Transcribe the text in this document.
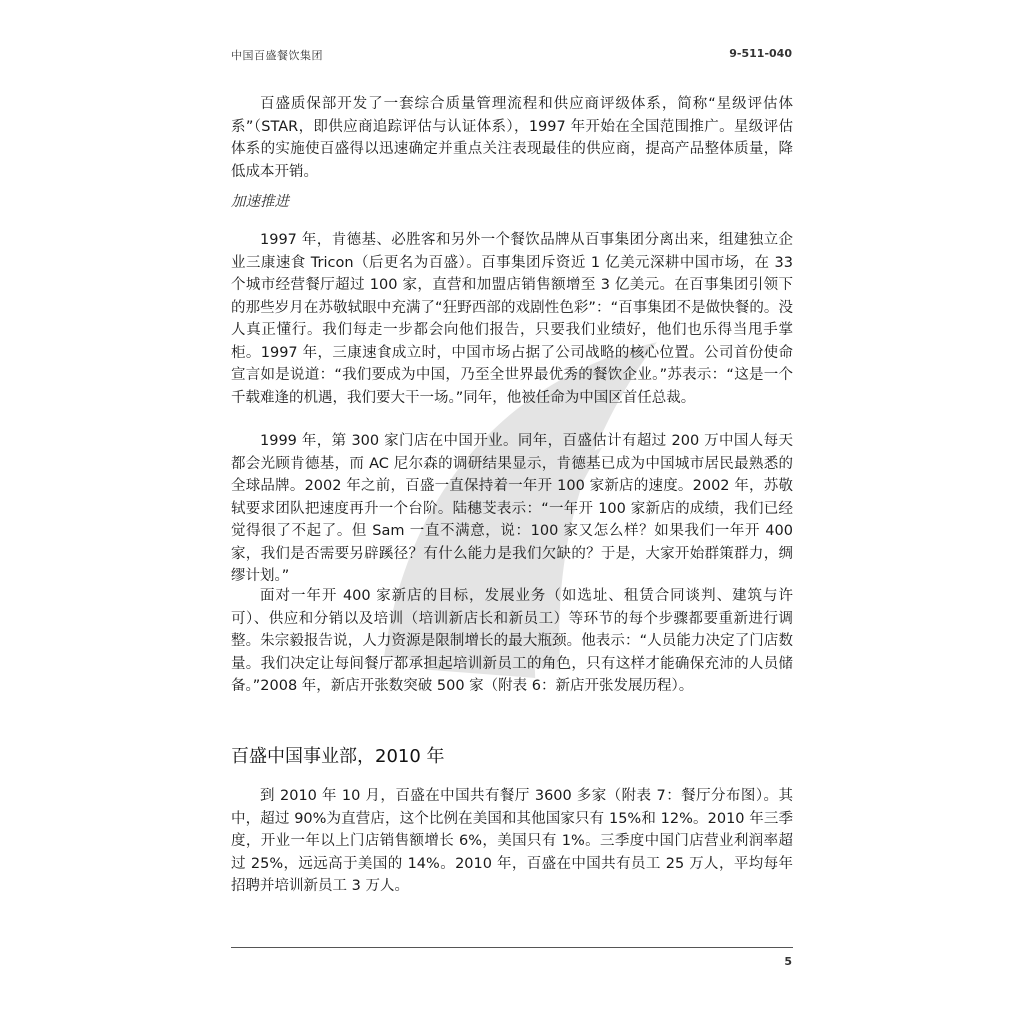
中国百盛餐饮集团	9-511-040

百盛质保部开发了一套综合质量管理流程和供应商评级体系，简称“星级评估体系”（STAR，即供应商追踪评估与认证体系），1997 年开始在全国范围推广。星级评估体系的实施使百盛得以迅速确定并重点关注表现最佳的供应商，提高产品整体质量，降低成本开销。

加速推进

1997 年，肯德基、必胜客和另外一个餐饮品牌从百事集团分离出来，组建独立企业三康速食 Tricon（后更名为百盛）。百事集团斥资近 1 亿美元深耕中国市场，在 33 个城市经营餐厅超过 100 家，直营和加盟店销售额增至 3 亿美元。在百事集团引领下的那些岁月在苏敬轼眼中充满了“狂野西部的戏剧性色彩”：“百事集团不是做快餐的。没人真正懂行。我们每走一步都会向他们报告，只要我们业绩好，他们也乐得当甩手掌柜。1997 年，三康速食成立时，中国市场占据了公司战略的核心位置。公司首份使命宣言如是说道：“我们要成为中国，乃至全世界最优秀的餐饮企业。”苏表示：“这是一个千载难逢的机遇，我们要大干一场。”同年，他被任命为中国区首任总裁。

1999 年，第 300 家门店在中国开业。同年，百盛估计有超过 200 万中国人每天都会光顾肯德基，而 AC 尼尔森的调研结果显示，肯德基已成为中国城市居民最熟悉的全球品牌。2002 年之前，百盛一直保持着一年开 100 家新店的速度。2002 年，苏敬轼要求团队把速度再升一个台阶。陆穗芠表示：“一年开 100 家新店的成绩，我们已经觉得很了不起了。但 Sam 一直不满意，说：100 家又怎么样？如果我们一年开 400 家，我们是否需要另辟蹊径？有什么能力是我们欠缺的？于是，大家开始群策群力，绸缪计划。”

面对一年开 400 家新店的目标，发展业务（如选址、租赁合同谈判、建筑与许可）、供应和分销以及培训（培训新店长和新员工）等环节的每个步骤都要重新进行调整。朱宗毅报告说，人力资源是限制增长的最大瓶颈。他表示：“人员能力决定了门店数量。我们决定让每间餐厅都承担起培训新员工的角色，只有这样才能确保充沛的人员储备。”2008 年，新店开张数突破 500 家（附表 6：新店开张发展历程）。

百盛中国事业部，2010 年

到 2010 年 10 月，百盛在中国共有餐厅 3600 多家（附表 7：餐厅分布图）。其中，超过 90%为直营店，这个比例在美国和其他国家只有 15%和 12%。2010 年三季度，开业一年以上门店销售额增长 6%，美国只有 1%。三季度中国门店营业利润率超过 25%，远远高于美国的 14%。2010 年，百盛在中国共有员工 25 万人，平均每年招聘并培训新员工 3 万人。

5
